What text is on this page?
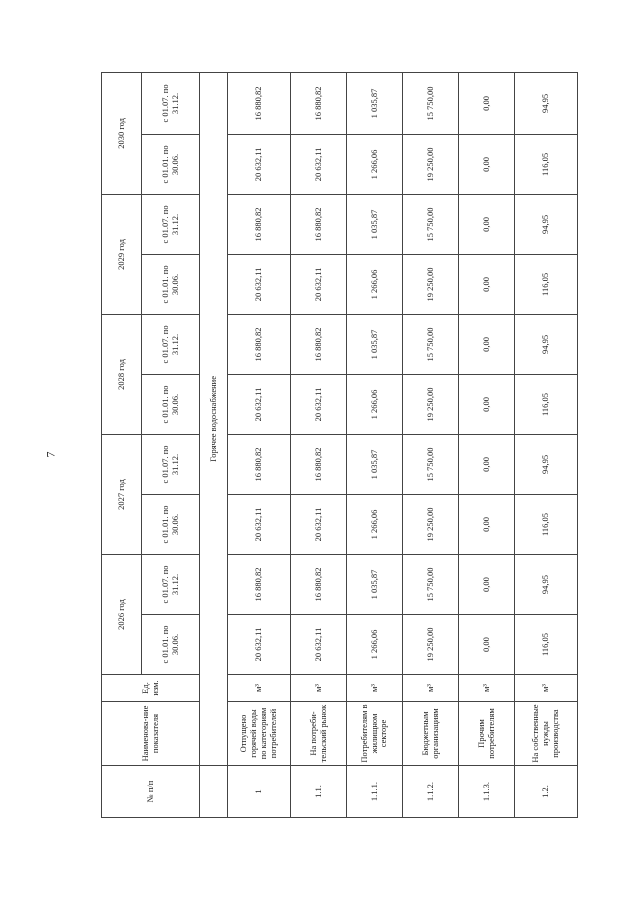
7
№ п/п	Наименова-ние показателя	Ед. изм.	2026 год		2027 год		2028 год		2029 год		2030 год	
			с 01.01. по 30.06.	с 01.07. по 31.12.	с 01.01. по 30.06.	с 01.07. по 31.12.	с 01.01. по 30.06.	с 01.07. по 31.12.	с 01.01. по 30.06.	с 01.07. по 31.12.	с 01.01. по 30.06.	с 01.07. по 31.12.
	Горячее водоснабжение											
1	Отпущено горячей воды по категориям потребителей	м³	20 632,11	16 880,82	20 632,11	16 880,82	20 632,11	16 880,82	20 632,11	16 880,82	20 632,11	16 880,82
1.1.	На потреби-тельский рынок	м³	20 632,11	16 880,82	20 632,11	16 880,82	20 632,11	16 880,82	20 632,11	16 880,82	20 632,11	16 880,82
1.1.1.	Потребителям в жилищном секторе	м³	1 266,06	1 035,87	1 266,06	1 035,87	1 266,06	1 035,87	1 266,06	1 035,87	1 266,06	1 035,87
1.1.2.	Бюджетным организациям	м³	19 250,00	15 750,00	19 250,00	15 750,00	19 250,00	15 750,00	19 250,00	15 750,00	19 250,00	15 750,00
1.1.3.	Прочим потребителям	м³	0,00	0,00	0,00	0,00	0,00	0,00	0,00	0,00	0,00	0,00
1.2.	На собственные нужды производства	м³	116,05	94,95	116,05	94,95	116,05	94,95	116,05	94,95	116,05	94,95
